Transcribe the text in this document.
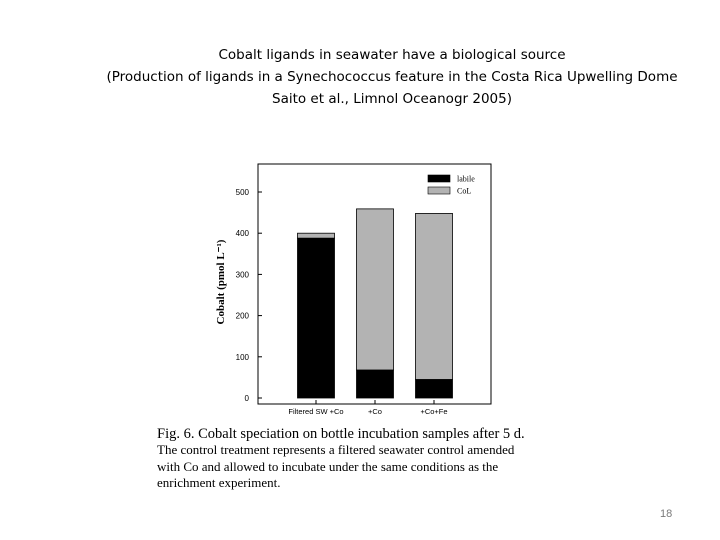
Cobalt ligands in seawater have a biological source
(Production of ligands in a Synechococcus feature in the Costa Rica Upwelling Dome
Saito et al., Limnol Oceanogr 2005)
0
100
200
300
400
500
Cobalt (pmol L⁻¹)
Filtered SW +Co	+Co	+Co+Fe
labile
CoL
Fig. 6. Cobalt speciation on bottle incubation samples after 5 d.
The control treatment represents a filtered seawater control amended
with Co and allowed to incubate under the same conditions as the
enrichment experiment.
18
